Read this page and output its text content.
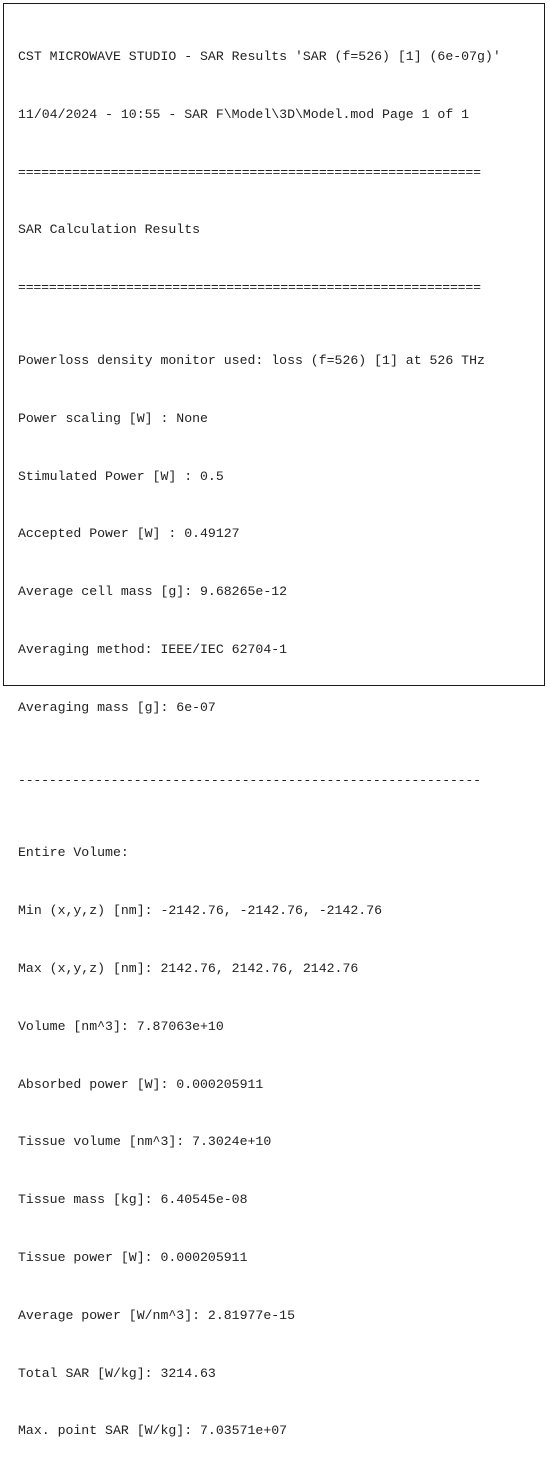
CST MICROWAVE STUDIO - SAR Results 'SAR (f=526) [1] (6e-07g)'

11/04/2024 - 10:55 - SAR F\Model\3D\Model.mod Page 1 of 1

============================================================

SAR Calculation Results

============================================================

Powerloss density monitor used: loss (f=526) [1] at 526 THz

Power scaling [W] : None

Stimulated Power [W] : 0.5

Accepted Power [W] : 0.49127

Average cell mass [g]: 9.68265e-12

Averaging method: IEEE/IEC 62704-1

Averaging mass [g]: 6e-07

------------------------------------------------------------

Entire Volume:

Min (x,y,z) [nm]: -2142.76, -2142.76, -2142.76

Max (x,y,z) [nm]: 2142.76, 2142.76, 2142.76

Volume [nm^3]: 7.87063e+10

Absorbed power [W]: 0.000205911

Tissue volume [nm^3]: 7.3024e+10

Tissue mass [kg]: 6.40545e-08

Tissue power [W]: 0.000205911

Average power [W/nm^3]: 2.81977e-15

Total SAR [W/kg]: 3214.63

Max. point SAR [W/kg]: 7.03571e+07
